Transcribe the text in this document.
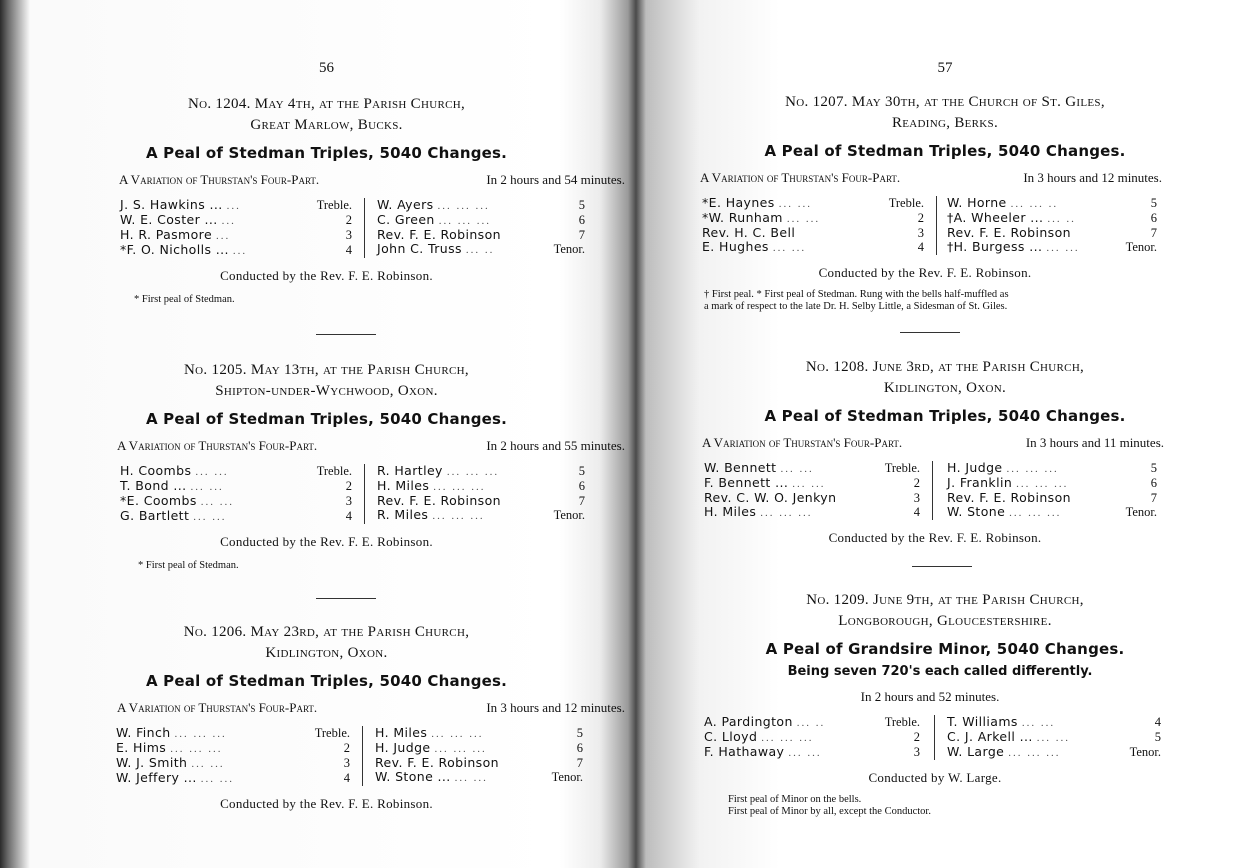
56
No. 1204. May 4th, at the Parish Church,
Great Marlow, Bucks.
A Peal of Stedman Triples, 5040 Changes.
A Variation of Thurstan's Four-Part.	In 2 hours and 54 minutes.
J. S. Hawkins ... ...	Treble.
W. E. Coster ... ...	2
H. R. Pasmore ...	3
*F. O. Nicholls ... ...	4
W. Ayers ... ... ...	5
C. Green ... ... ...	6
Rev. F. E. Robinson	7
John C. Truss ... ..	Tenor.
Conducted by the Rev. F. E. Robinson.
* First peal of Stedman.
No. 1205. May 13th, at the Parish Church,
Shipton-under-Wychwood, Oxon.
A Peal of Stedman Triples, 5040 Changes.
A Variation of Thurstan's Four-Part.	In 2 hours and 55 minutes.
H. Coombs ... ...	Treble.
T. Bond ... ... ...	2
*E. Coombs ... ...	3
G. Bartlett ... ...	4
R. Hartley ... ... ...	5
H. Miles ... ... ...	6
Rev. F. E. Robinson	7
R. Miles ... ... ...	Tenor.
Conducted by the Rev. F. E. Robinson.
* First peal of Stedman.
No. 1206. May 23rd, at the Parish Church,
Kidlington, Oxon.
A Peal of Stedman Triples, 5040 Changes.
A Variation of Thurstan's Four-Part.	In 3 hours and 12 minutes.
W. Finch ... ... ...	Treble.
E. Hims ... ... ...	2
W. J. Smith ... ...	3
W. Jeffery ... ... ...	4
H. Miles ... ... ...	5
H. Judge ... ... ...	6
Rev. F. E. Robinson	7
W. Stone ... ... ...	Tenor.
Conducted by the Rev. F. E. Robinson.
57
No. 1207. May 30th, at the Church of St. Giles,
Reading, Berks.
A Peal of Stedman Triples, 5040 Changes.
A Variation of Thurstan's Four-Part.	In 3 hours and 12 minutes.
*E. Haynes ... ...	Treble.
*W. Runham ... ...	2
Rev. H. C. Bell	3
E. Hughes ... ...	4
W. Horne ... ... ..	5
†A. Wheeler ... ... ..	6
Rev. F. E. Robinson	7
†H. Burgess ... ... ...	Tenor.
Conducted by the Rev. F. E. Robinson.
† First peal. * First peal of Stedman. Rung with the bells half-muffled as
a mark of respect to the late Dr. H. Selby Little, a Sidesman of St. Giles.
No. 1208. June 3rd, at the Parish Church,
Kidlington, Oxon.
A Peal of Stedman Triples, 5040 Changes.
A Variation of Thurstan's Four-Part.	In 3 hours and 11 minutes.
W. Bennett ... ...	Treble.
F. Bennett ... ... ...	2
Rev. C. W. O. Jenkyn	3
H. Miles ... ... ...	4
H. Judge ... ... ...	5
J. Franklin ... ... ...	6
Rev. F. E. Robinson	7
W. Stone ... ... ...	Tenor.
Conducted by the Rev. F. E. Robinson.
No. 1209. June 9th, at the Parish Church,
Longborough, Gloucestershire.
A Peal of Grandsire Minor, 5040 Changes.
Being seven 720's each called differently.
In 2 hours and 52 minutes.
A. Pardington ... ..	Treble.
C. Lloyd ... ... ...	2
F. Hathaway ... ...	3
T. Williams ... ...	4
C. J. Arkell ... ... ...	5
W. Large ... ... ...	Tenor.
Conducted by W. Large.
First peal of Minor on the bells.
First peal of Minor by all, except the Conductor.
